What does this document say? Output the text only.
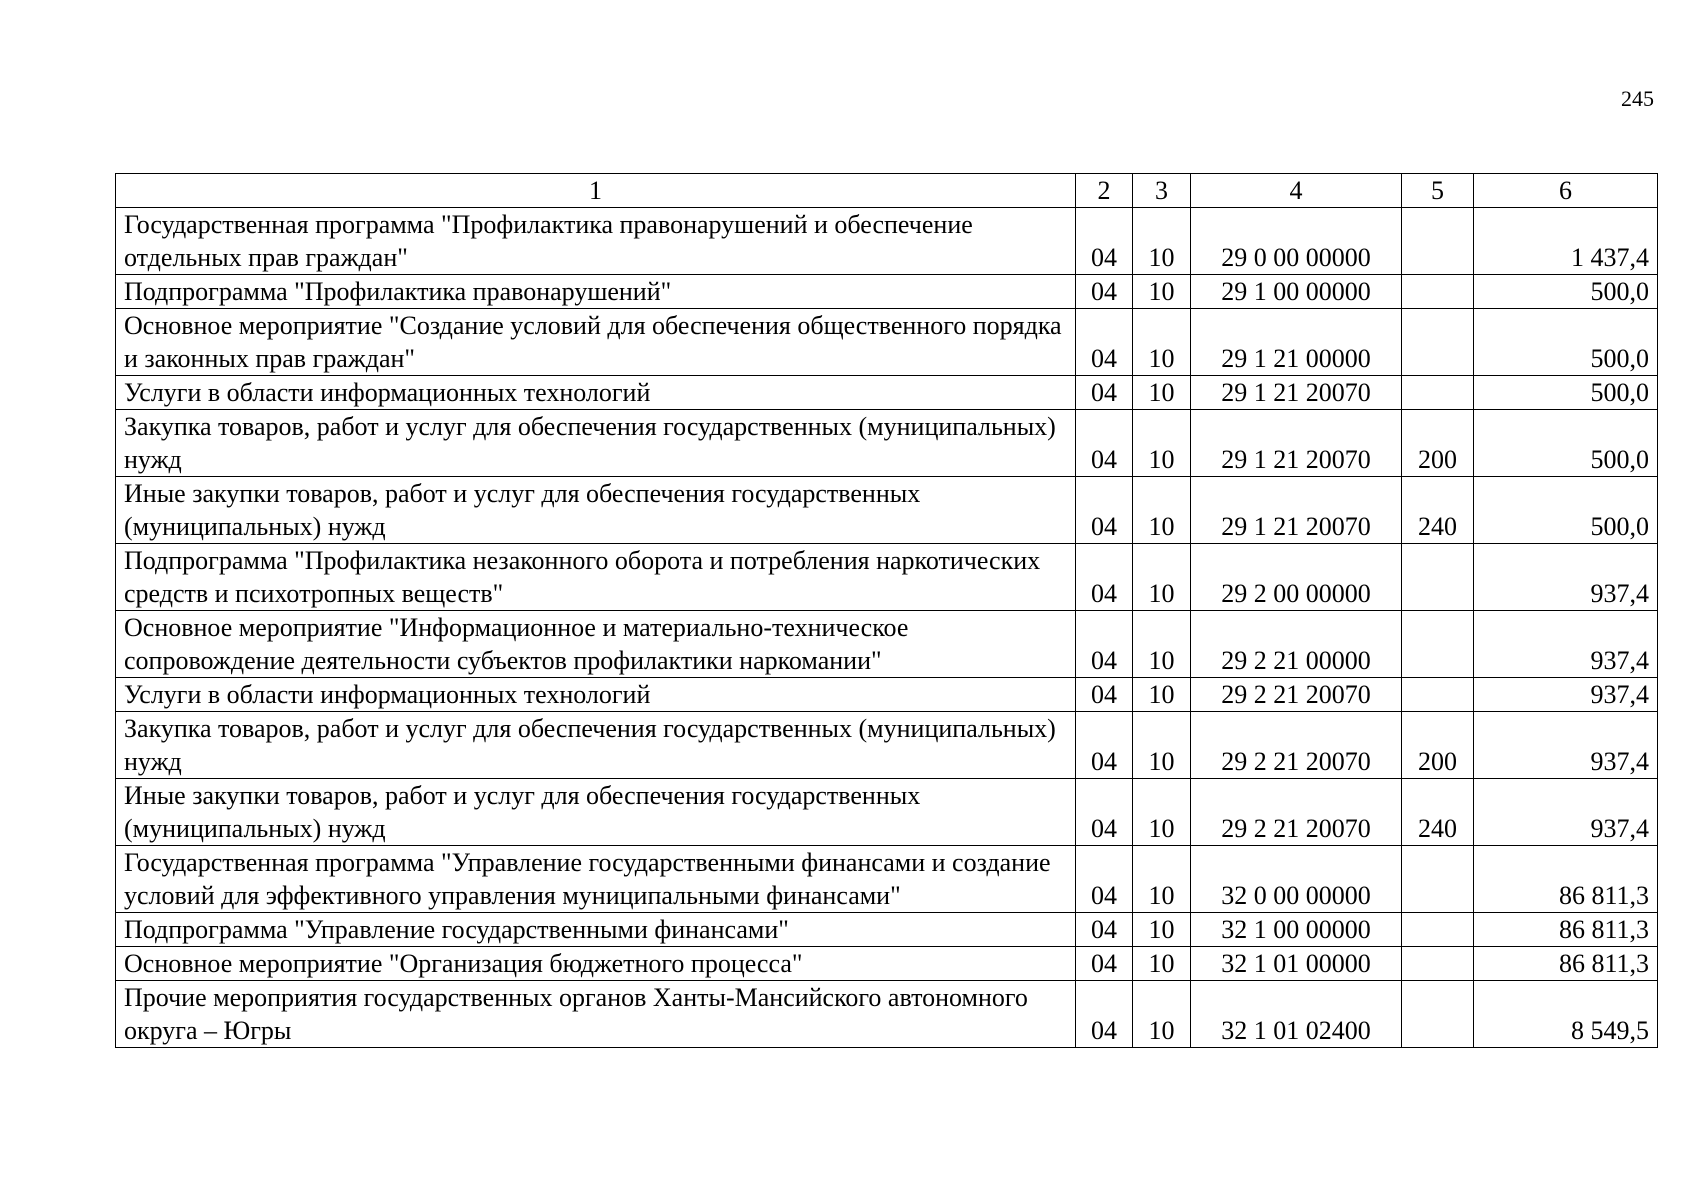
245
1	2	3	4	5	6
Государственная программа "Профилактика правонарушений и обеспечение отдельных прав граждан"	04	10	29 0 00 00000		1 437,4
Подпрограмма "Профилактика правонарушений"	04	10	29 1 00 00000		500,0
Основное мероприятие "Создание условий для обеспечения общественного порядка и законных прав граждан"	04	10	29 1 21 00000		500,0
Услуги в области информационных технологий	04	10	29 1 21 20070		500,0
Закупка товаров, работ и услуг для обеспечения государственных (муниципальных) нужд	04	10	29 1 21 20070	200	500,0
Иные закупки товаров, работ и услуг для обеспечения государственных (муниципальных) нужд	04	10	29 1 21 20070	240	500,0
Подпрограмма "Профилактика незаконного оборота и потребления наркотических средств и психотропных веществ"	04	10	29 2 00 00000		937,4
Основное мероприятие "Информационное и материально-техническое сопровождение деятельности субъектов профилактики наркомании"	04	10	29 2 21 00000		937,4
Услуги в области информационных технологий	04	10	29 2 21 20070		937,4
Закупка товаров, работ и услуг для обеспечения государственных (муниципальных) нужд	04	10	29 2 21 20070	200	937,4
Иные закупки товаров, работ и услуг для обеспечения государственных (муниципальных) нужд	04	10	29 2 21 20070	240	937,4
Государственная программа "Управление государственными финансами и создание условий для эффективного управления муниципальными финансами"	04	10	32 0 00 00000		86 811,3
Подпрограмма "Управление государственными финансами"	04	10	32 1 00 00000		86 811,3
Основное мероприятие "Организация бюджетного процесса"	04	10	32 1 01 00000		86 811,3
Прочие мероприятия государственных органов Ханты-Мансийского автономного округа – Югры	04	10	32 1 01 02400		8 549,5
